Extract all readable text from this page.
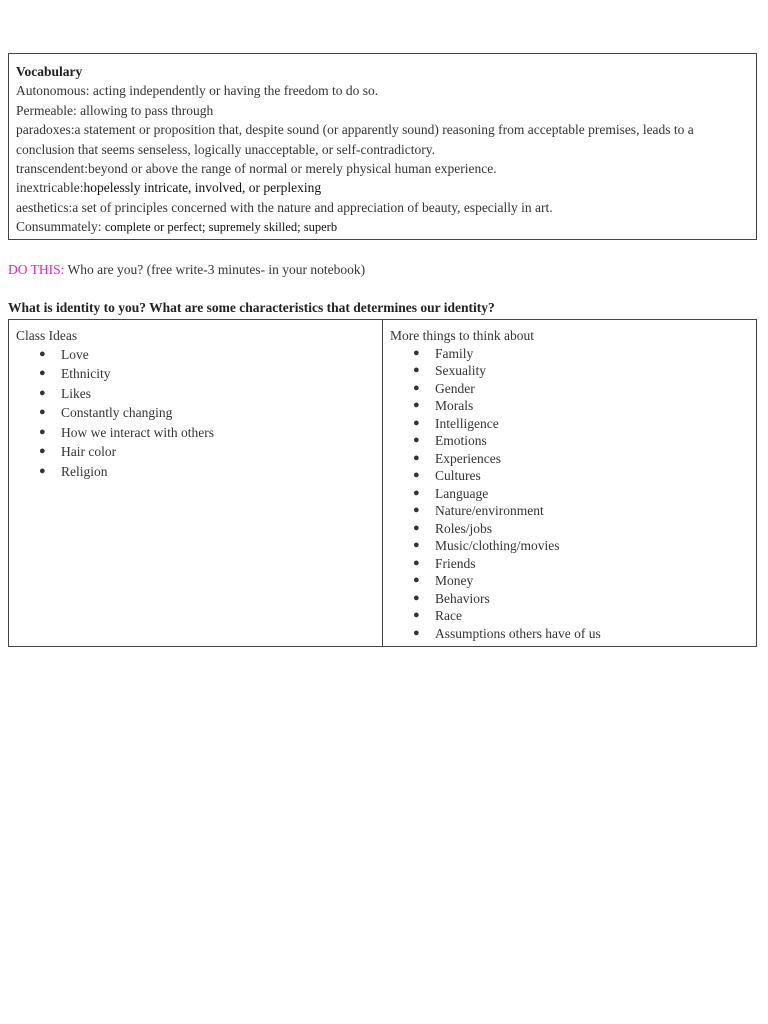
Vocabulary
Autonomous: acting independently or having the freedom to do so.
Permeable: allowing to pass through
paradoxes:a statement or proposition that, despite sound (or apparently sound) reasoning from acceptable premises, leads to a conclusion that seems senseless, logically unacceptable, or self-contradictory.
transcendent:beyond or above the range of normal or merely physical human experience.
inextricable:hopelessly intricate, involved, or perplexing
aesthetics:a set of principles concerned with the nature and appreciation of beauty, especially in art.
Consummately: complete or perfect; supremely skilled; superb
DO THIS: Who are you? (free write-3 minutes- in your notebook)
What is identity to you? What are some characteristics that determines our identity?
Class Ideas
● Love
● Ethnicity
● Likes
● Constantly changing
● How we interact with others
● Hair color
● Religion
More things to think about
● Family
● Sexuality
● Gender
● Morals
● Intelligence
● Emotions
● Experiences
● Cultures
● Language
● Nature/environment
● Roles/jobs
● Music/clothing/movies
● Friends
● Money
● Behaviors
● Race
● Assumptions others have of us
